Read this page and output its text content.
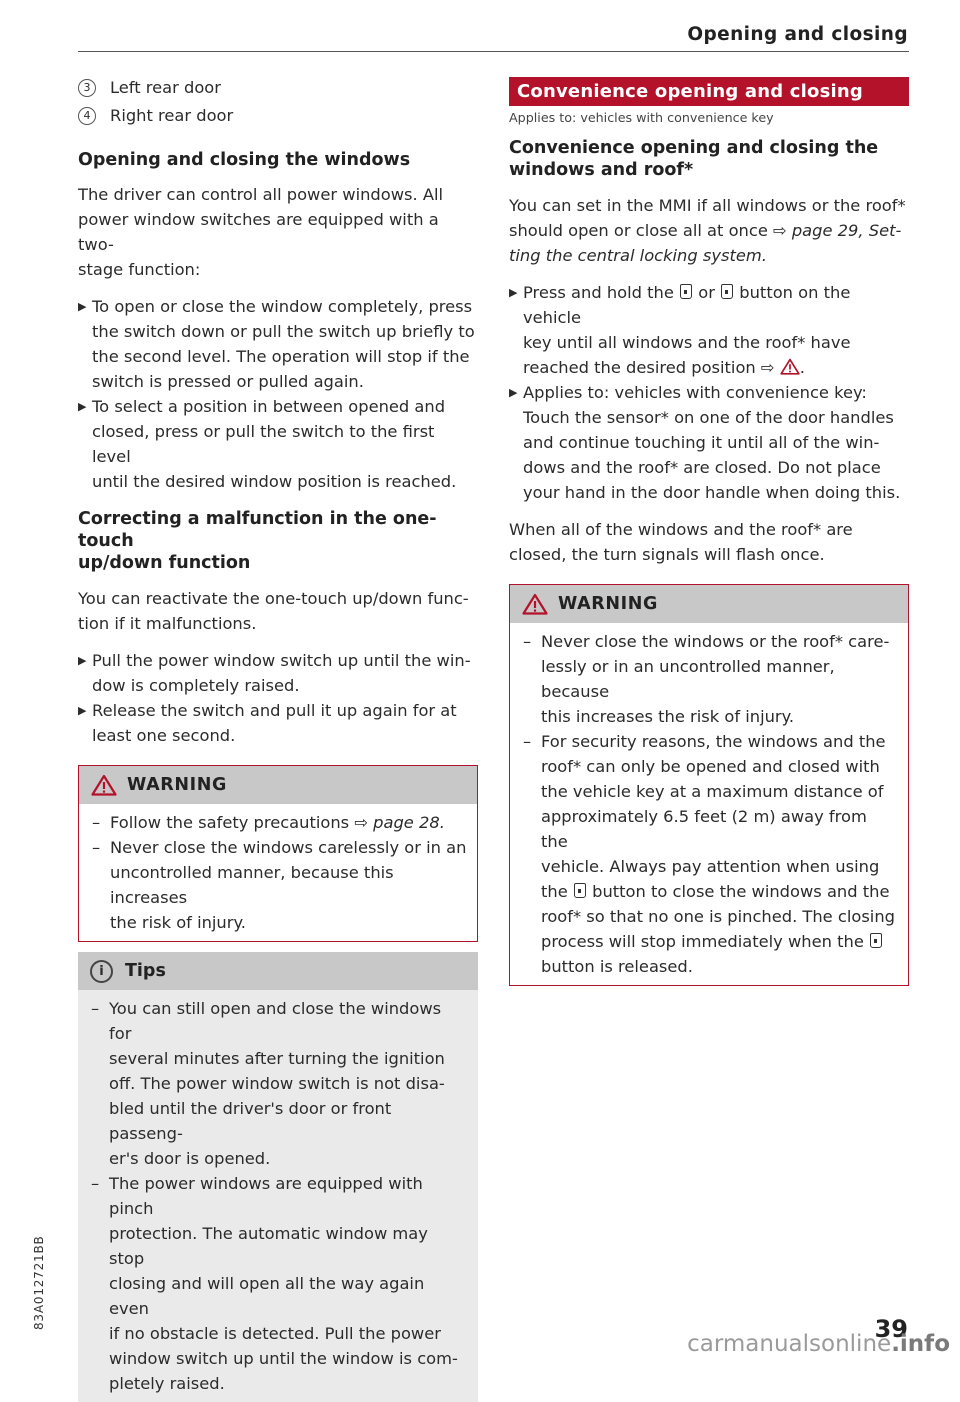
Opening and closing
3	Left rear door
4	Right rear door
Opening and closing the windows
The driver can control all power windows. All
power window switches are equipped with a two-
stage function:
▶ To open or close the window completely, press
the switch down or pull the switch up briefly to
the second level. The operation will stop if the
switch is pressed or pulled again.
▶ To select a position in between opened and
closed, press or pull the switch to the first level
until the desired window position is reached.
Correcting a malfunction in the one-touch
up/down function
You can reactivate the one-touch up/down func-
tion if it malfunctions.
▶ Pull the power window switch up until the win-
dow is completely raised.
▶ Release the switch and pull it up again for at
least one second.
WARNING
– Follow the safety precautions ⇨ page 28.
– Never close the windows carelessly or in an
uncontrolled manner, because this increases
the risk of injury.
i	Tips
– You can still open and close the windows for
several minutes after turning the ignition
off. The power window switch is not disa-
bled until the driver's door or front passeng-
er's door is opened.
– The power windows are equipped with pinch
protection. The automatic window may stop
closing and will open all the way again even
if no obstacle is detected. Pull the power
window switch up until the window is com-
pletely raised.
Convenience opening and closing
Applies to: vehicles with convenience key
Convenience opening and closing the
windows and roof*
You can set in the MMI if all windows or the roof*
should open or close all at once ⇨ page 29, Set-
ting the central locking system.
▶ Press and hold the or button on the vehicle
key until all windows and the roof* have
reached the desired position ⇨ .
▶ Applies to: vehicles with convenience key:
Touch the sensor* on one of the door handles
and continue touching it until all of the win-
dows and the roof* are closed. Do not place
your hand in the door handle when doing this.
When all of the windows and the roof* are
closed, the turn signals will flash once.
WARNING
– Never close the windows or the roof* care-
lessly or in an uncontrolled manner, because
this increases the risk of injury.
– For security reasons, the windows and the
roof* can only be opened and closed with
the vehicle key at a maximum distance of
approximately 6.5 feet (2 m) away from the
vehicle. Always pay attention when using
the button to close the windows and the
roof* so that no one is pinched. The closing
process will stop immediately when the
button is released.
83A012721BB	39
carmanualsonline.info
